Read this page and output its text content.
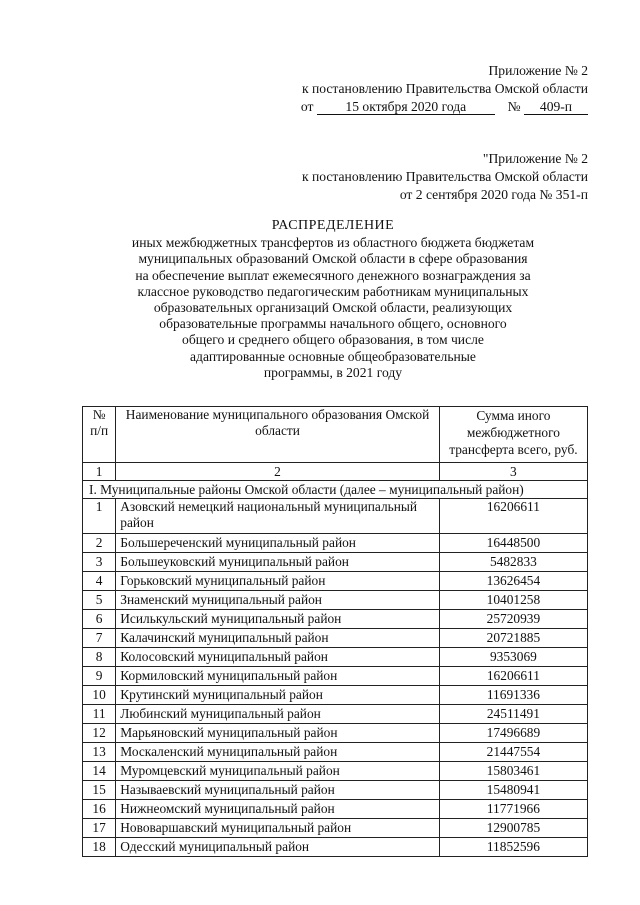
Приложение № 2
к постановлению Правительства Омской области
от 15 октября 2020 года	№ 409-п
"Приложение № 2
к постановлению Правительства Омской области
от 2 сентября 2020 года № 351-п
РАСПРЕДЕЛЕНИЕ
иных межбюджетных трансфертов из областного бюджета бюджетам
муниципальных образований Омской области в сфере образования
на обеспечение выплат ежемесячного денежного вознаграждения за
классное руководство педагогическим работникам муниципальных
образовательных организаций Омской области, реализующих
образовательные программы начального общего, основного
общего и среднего общего образования, в том числе
адаптированные основные общеобразовательные
программы, в 2021 году
№ п/п	Наименование муниципального образования Омской области	Сумма иного межбюджетного трансферта всего, руб.
1	2	3
I. Муниципальные районы Омской области (далее – муниципальный район)		
1	Азовский немецкий национальный муниципальный район	16206611
2	Большереченский муниципальный район	16448500
3	Большеуковский муниципальный район	5482833
4	Горьковский муниципальный район	13626454
5	Знаменский муниципальный район	10401258
6	Исилькульский муниципальный район	25720939
7	Калачинский муниципальный район	20721885
8	Колосовский муниципальный район	9353069
9	Кормиловский муниципальный район	16206611
10	Крутинский муниципальный район	11691336
11	Любинский муниципальный район	24511491
12	Марьяновский муниципальный район	17496689
13	Москаленский муниципальный район	21447554
14	Муромцевский муниципальный район	15803461
15	Называевский муниципальный район	15480941
16	Нижнеомский муниципальный район	11771966
17	Нововаршавский муниципальный район	12900785
18	Одесский муниципальный район	11852596
